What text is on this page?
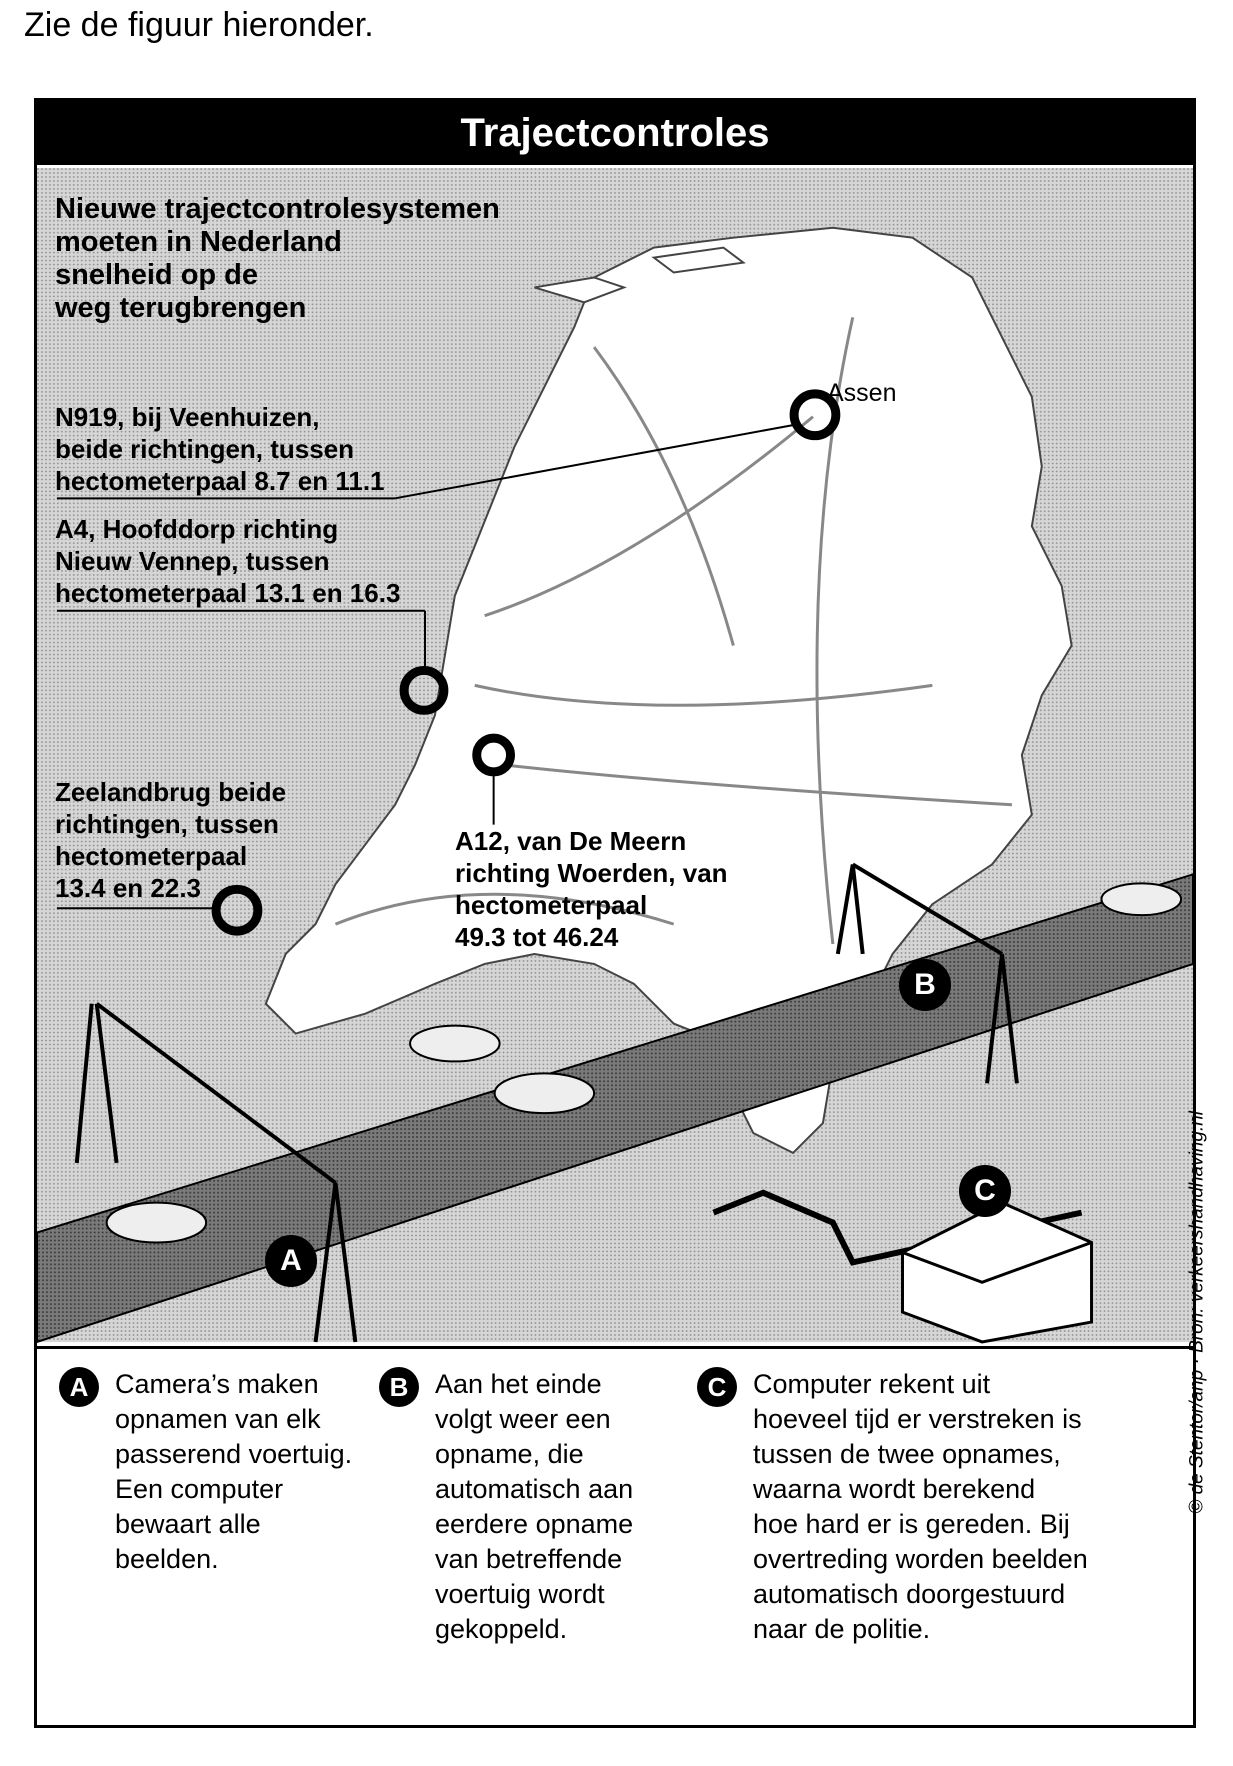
Zie de figuur hieronder.
Trajectcontroles
Nieuwe trajectcontrolesystemen
moeten in Nederland
snelheid op de
weg terugbrengen
N919, bij Veenhuizen,
beide richtingen, tussen
hectometerpaal 8.7 en 11.1
A4, Hoofddorp richting
Nieuw Vennep, tussen
hectometerpaal 13.1 en 16.3
Zeelandbrug beide
richtingen, tussen
hectometerpaal
13.4 en 22.3
A12, van De Meern
richting Woerden, van
hectometerpaal
49.3 tot 46.24
Assen
A
B
C	© de Stentor/anp · Bron: verkeershandhaving.nl
A Camera’s maken
opnamen van elk
passerend voertuig.
Een computer
bewaart alle
beelden.
B Aan het einde
volgt weer een
opname, die
automatisch aan
eerdere opname
van betreffende
voertuig wordt
gekoppeld.
C Computer rekent uit
hoeveel tijd er verstreken is
tussen de twee opnames,
waarna wordt berekend
hoe hard er is gereden. Bij
overtreding worden beelden
automatisch doorgestuurd
naar de politie.
